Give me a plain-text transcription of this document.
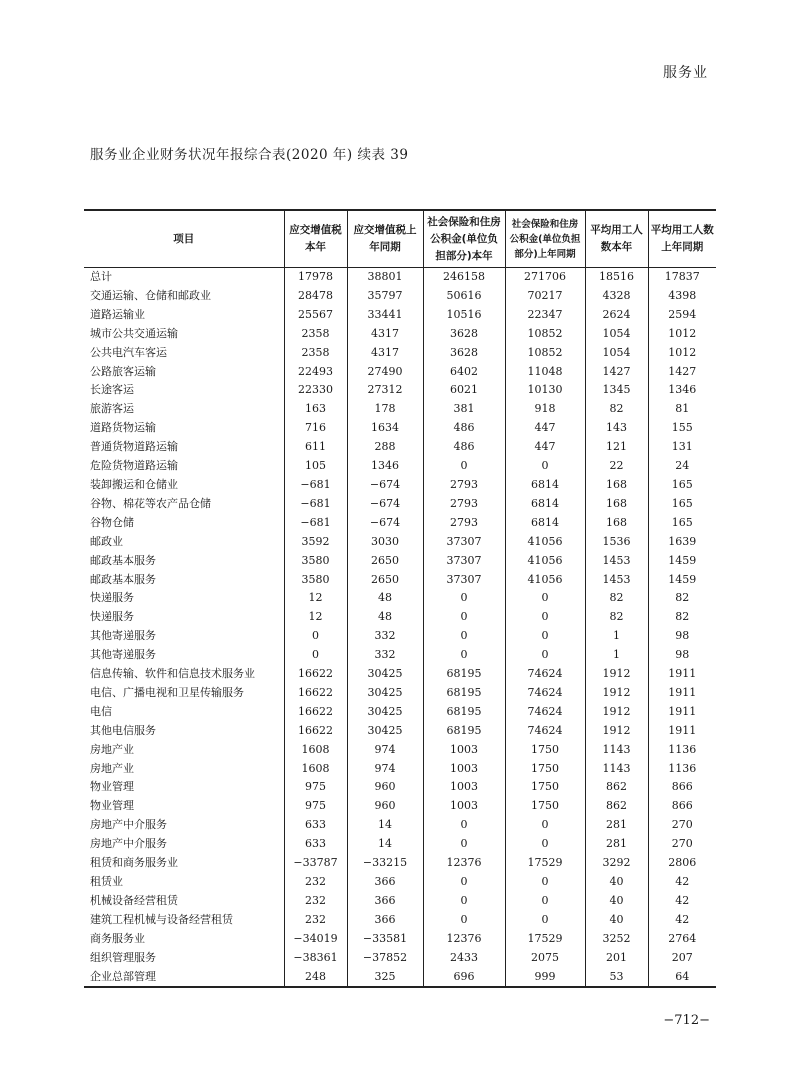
服务业
服务业企业财务状况年报综合表(2020 年) 续表 39
项目	应交增值税本年	应交增值税上年同期	社会保险和住房公积金(单位负担部分)本年	社会保险和住房公积金(单位负担部分)上年同期	平均用工人数本年	平均用工人数上年同期
总计	17978	38801	246158	271706	18516	17837
交通运输、仓储和邮政业	28478	35797	50616	70217	4328	4398
道路运输业	25567	33441	10516	22347	2624	2594
城市公共交通运输	2358	4317	3628	10852	1054	1012
公共电汽车客运	2358	4317	3628	10852	1054	1012
公路旅客运输	22493	27490	6402	11048	1427	1427
长途客运	22330	27312	6021	10130	1345	1346
旅游客运	163	178	381	918	82	81
道路货物运输	716	1634	486	447	143	155
普通货物道路运输	611	288	486	447	121	131
危险货物道路运输	105	1346	0	0	22	24
装卸搬运和仓储业	−681	−674	2793	6814	168	165
谷物、棉花等农产品仓储	−681	−674	2793	6814	168	165
谷物仓储	−681	−674	2793	6814	168	165
邮政业	3592	3030	37307	41056	1536	1639
邮政基本服务	3580	2650	37307	41056	1453	1459
邮政基本服务	3580	2650	37307	41056	1453	1459
快递服务	12	48	0	0	82	82
快递服务	12	48	0	0	82	82
其他寄递服务	0	332	0	0	1	98
其他寄递服务	0	332	0	0	1	98
信息传输、软件和信息技术服务业	16622	30425	68195	74624	1912	1911
电信、广播电视和卫星传输服务	16622	30425	68195	74624	1912	1911
电信	16622	30425	68195	74624	1912	1911
其他电信服务	16622	30425	68195	74624	1912	1911
房地产业	1608	974	1003	1750	1143	1136
房地产业	1608	974	1003	1750	1143	1136
物业管理	975	960	1003	1750	862	866
物业管理	975	960	1003	1750	862	866
房地产中介服务	633	14	0	0	281	270
房地产中介服务	633	14	0	0	281	270
租赁和商务服务业	−33787	−33215	12376	17529	3292	2806
租赁业	232	366	0	0	40	42
机械设备经营租赁	232	366	0	0	40	42
建筑工程机械与设备经营租赁	232	366	0	0	40	42
商务服务业	−34019	−33581	12376	17529	3252	2764
组织管理服务	−38361	−37852	2433	2075	201	207
企业总部管理	248	325	696	999	53	64
−712−
